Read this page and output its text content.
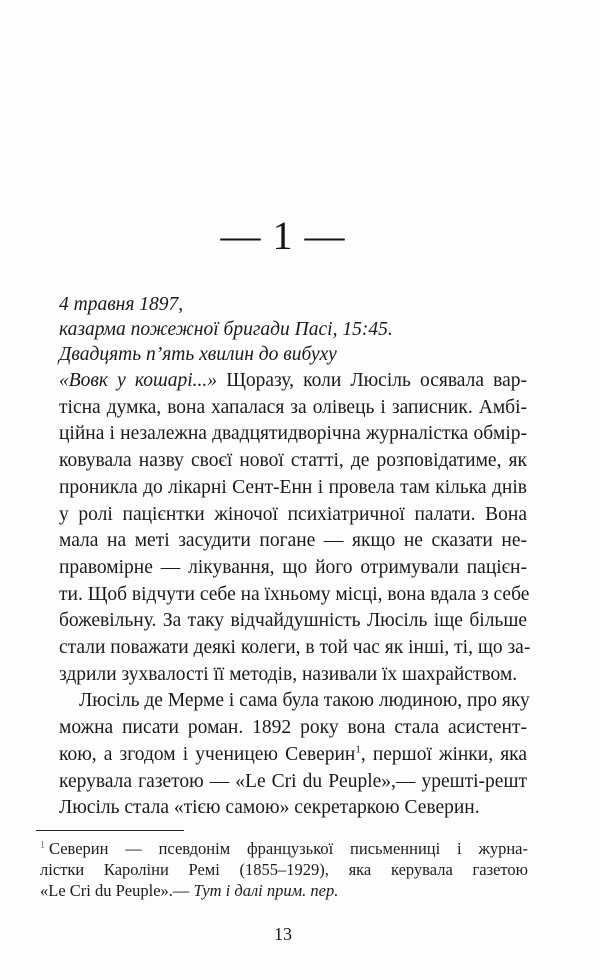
— 1 —
4 травня 1897,
казарма пожежної бригади Пасі, 15:45.
Двадцять п’ять хвилин до вибуху
«Вовк у кошарі...» Щоразу, коли Люсіль осявала вар-
тісна думка, вона хапалася за олівець і записник. Амбі-
ційна і незалежна двадцятидворічна журналістка обмір-
ковувала назву своєї нової статті, де розповідатиме, як
проникла до лікарні Сент-Енн і провела там кілька днів
у ролі пацієнтки жіночої психіатричної палати. Вона
мала на меті засудити погане — якщо не сказати не-
правомірне — лікування, що його отримували пацієн-
ти. Щоб відчути себе на їхньому місці, вона вдала з себе
божевільну. За таку відчайдушність Люсіль іще більше
стали поважати деякі колеги, в той час як інші, ті, що за-
здрили зухвалості її методів, називали їх шахрайством.
Люсіль де Мерме і сама була такою людиною, про яку
можна писати роман. 1892 року вона стала асистент-
кою, а згодом і ученицею Северин$^1$, першої жінки, яка
керувала газетою — «Le Cri du Peuple»,— урешті-решт
Люсіль стала «тією самою» секретаркою Северин.
$^1$ Северин — псевдонім французької письменниці і журна-
лістки Кароліни Ремі (1855–1929), яка керувала газетою
«Le Cri du Peuple».— Тут і далі прим. пер.
13
